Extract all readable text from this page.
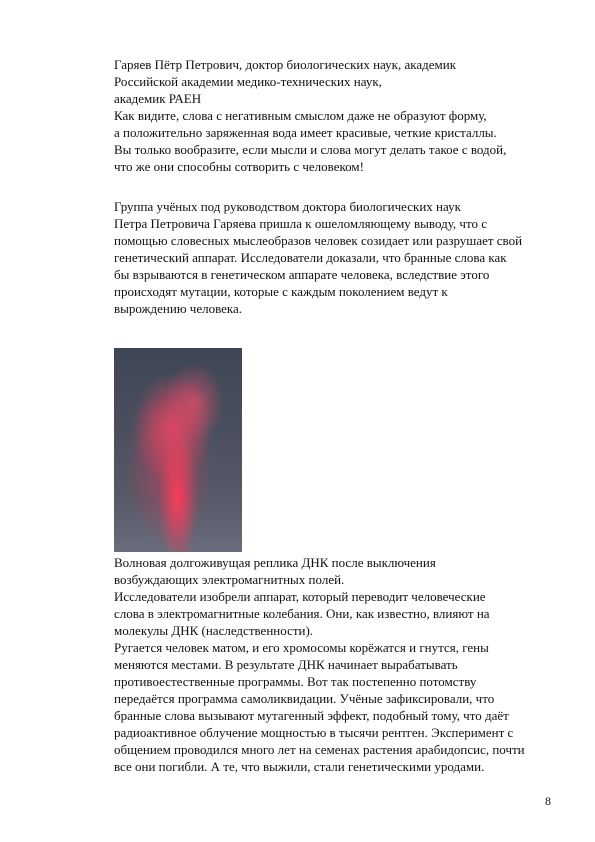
Гаряев Пётр Петрович, доктор биологических наук, академик

Российской академии медико-технических наук,

академик РАЕН

Как видите, слова с негативным смыслом даже не образуют форму,

а положительно заряженная вода имеет красивые, четкие кристаллы.

Вы только вообразите, если мысли и слова могут делать такое с водой,

что же они способны сотворить с человеком!

Группа учёных под руководством доктора биологических наук

Петра Петровича Гаряева пришла к ошеломляющему выводу, что с

помощью словесных мыслеобразов человек созидает или разрушает свой

генетический аппарат. Исследователи доказали, что бранные слова как

бы взрываются в генетическом аппарате человека, вследствие этого

происходят мутации, которые с каждым поколением ведут к

вырождению человека.

Волновая долгоживущая реплика ДНК после выключения

возбуждающих электромагнитных полей.

Исследователи изобрели аппарат, который переводит человеческие

слова в электромагнитные колебания. Они, как известно, влияют на

молекулы ДНК (наследственности).

Ругается человек матом, и его хромосомы корёжатся и гнутся, гены

меняются местами. В результате ДНК начинает вырабатывать

противоестественные программы. Вот так постепенно потомству

передаётся программа самоликвидации. Учёные зафиксировали, что

бранные слова вызывают мутагенный эффект, подобный тому, что даёт

радиоактивное облучение мощностью в тысячи рентген. Эксперимент с

общением проводился много лет на семенах растения арабидопсис, почти

все они погибли. А те, что выжили, стали генетическими уродами.

8
